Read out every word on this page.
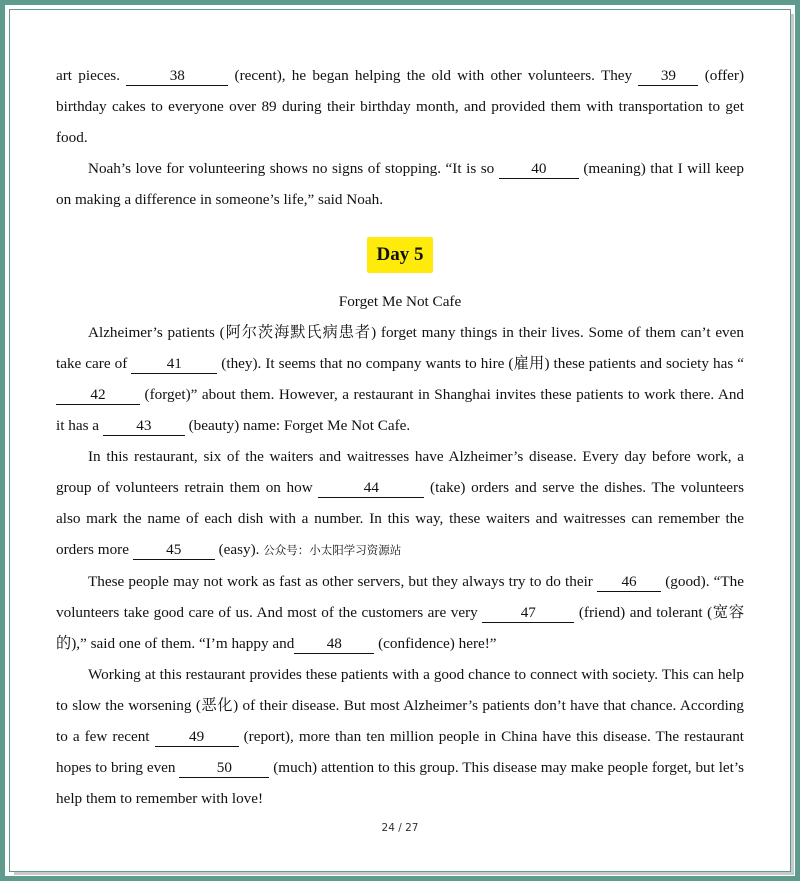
art pieces.	38	(recent), he began helping the old with other volunteers. They 39 (offer) birthday cakes to everyone over 89 during their birthday month, and provided them with transportation to get food.

Noah’s love for volunteering shows no signs of stopping. “It is so 40 (meaning) that I will keep on making a difference in someone’s life,” said Noah.

Day 5

Forget Me Not Cafe

Alzheimer’s patients (阿尔茨海默氏病患者) forget many things in their lives. Some of them can’t even take care of	41	(they). It seems that no company wants to hire (雇用) these patients and society has “42	(forget)” about them. However, a restaurant in Shanghai invites these patients to work there. And it has a 43 (beauty) name: Forget Me Not Cafe.

In this restaurant, six of the waiters and waitresses have Alzheimer’s disease. Every day before work, a group of volunteers retrain them on how	44	(take) orders and serve the dishes. The volunteers also mark the name of each dish with a number. In this way, these waiters and waitresses can remember the orders more 45 (easy). 公众号：小太阳学习资源站

These people may not work as fast as other servers, but they always try to do their 46 (good). “The volunteers take good care of us. And most of the customers are very	47	(friend) and tolerant (宽容的),” said one of them. “I’m happy and 48 (confidence) here!”

Working at this restaurant provides these patients with a good chance to connect with society. This can help to slow the worsening (恶化) of their disease. But most Alzheimer’s patients don’t have that chance. According to a few recent	49	(report), more than ten million people in China have this disease. The restaurant hopes to bring even	50	(much) attention to this group. This disease may make people forget, but let’s help them to remember with love!

24 / 27
